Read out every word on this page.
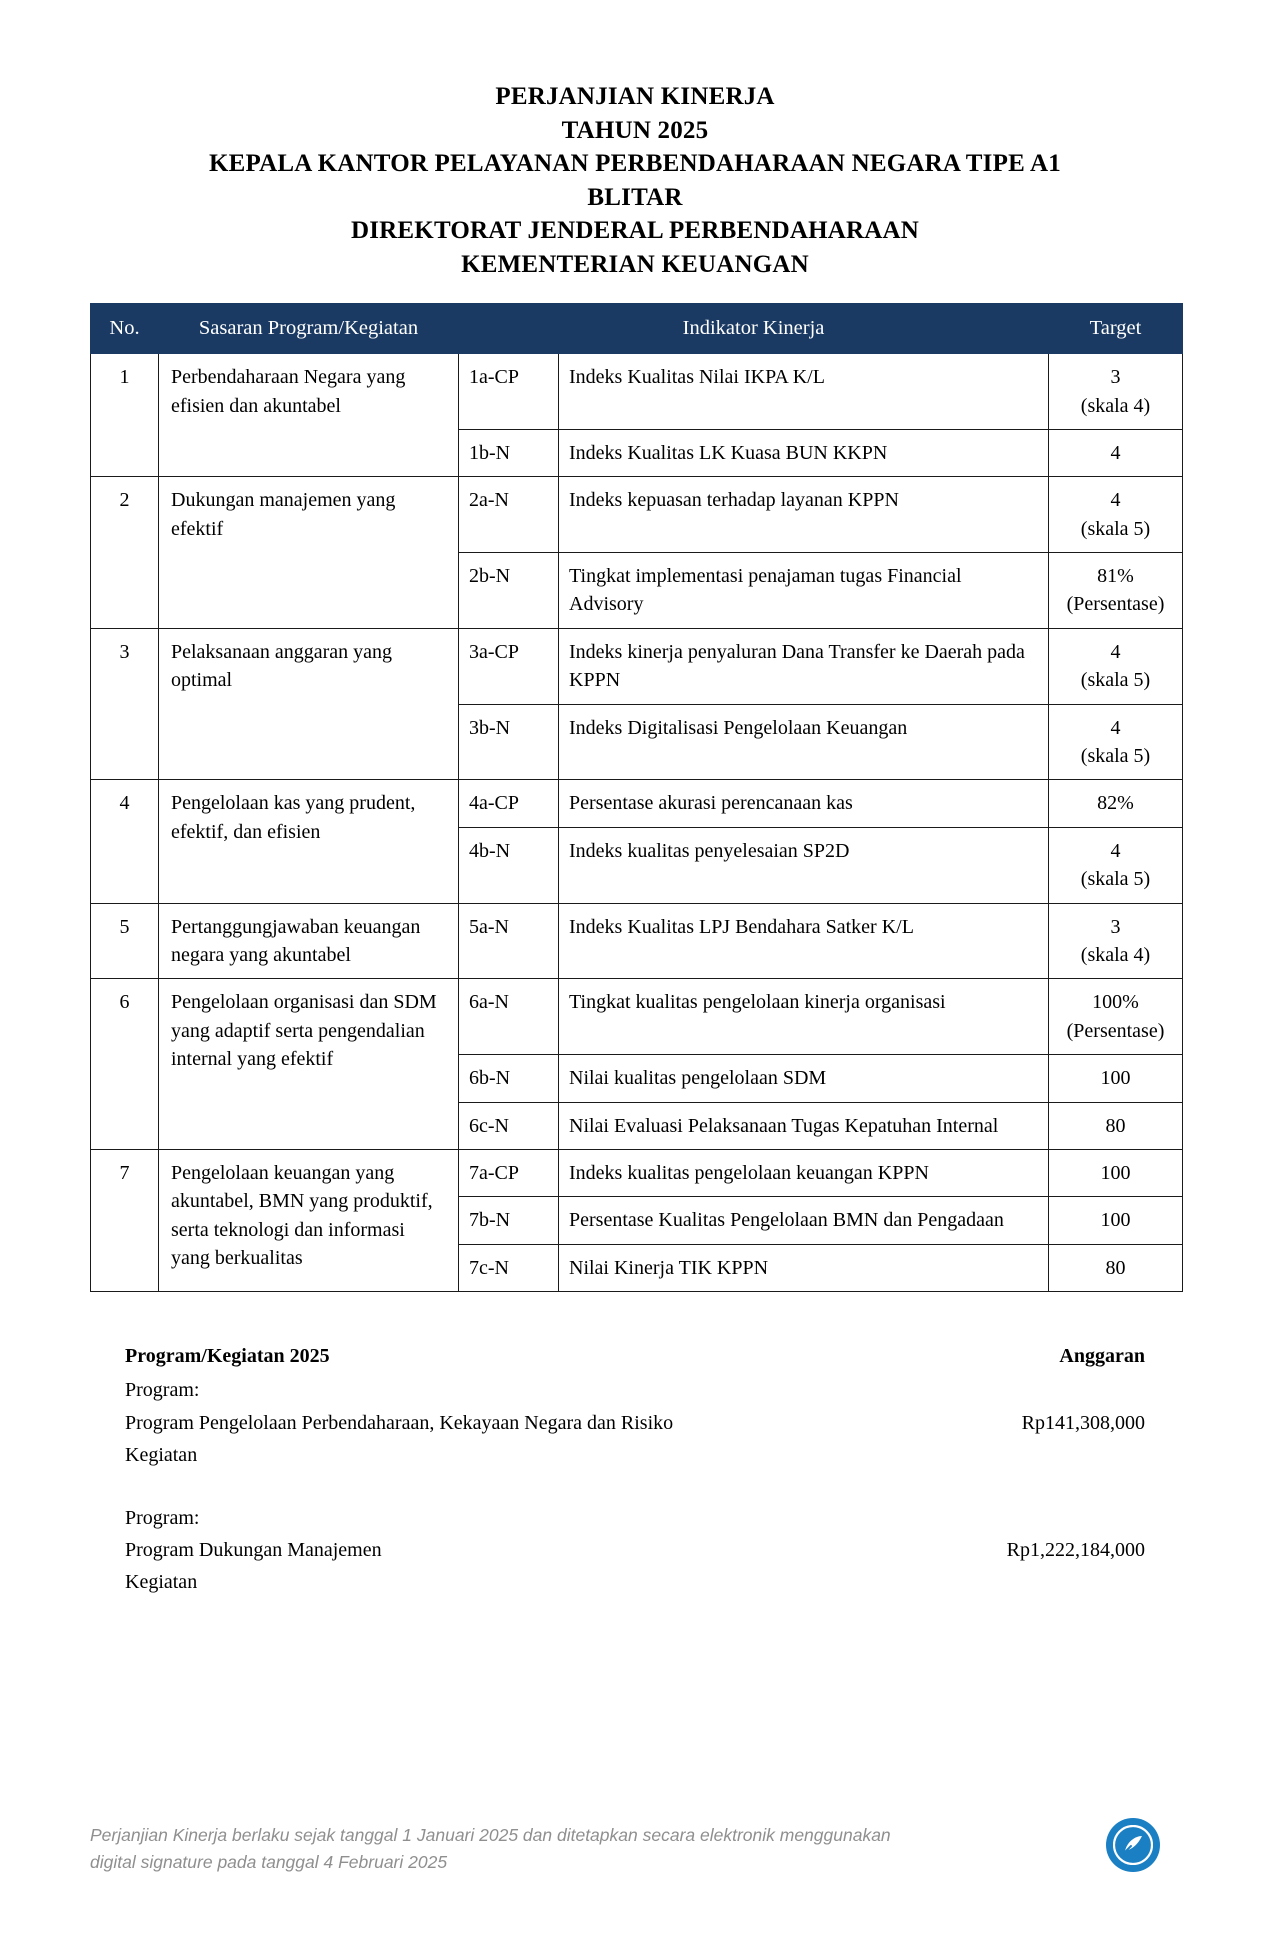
PERJANJIAN KINERJA
TAHUN 2025
KEPALA KANTOR PELAYANAN PERBENDAHARAAN NEGARA TIPE A1
BLITAR
DIREKTORAT JENDERAL PERBENDAHARAAN
KEMENTERIAN KEUANGAN
No.	Sasaran Program/Kegiatan	Indikator Kinerja		Target
1	Perbendaharaan Negara yang efisien dan akuntabel	1a-CP	Indeks Kualitas Nilai IKPA K/L	3
(skala 4)

		1b-N	Indeks Kualitas LK Kuasa BUN KKPN	4
2	Dukungan manajemen yang efektif	2a-N	Indeks kepuasan terhadap layanan KPPN	4
(skala 5)

		2b-N	Tingkat implementasi penajaman tugas Financial Advisory	81%
(Persentase)

3	Pelaksanaan anggaran yang optimal	3a-CP	Indeks kinerja penyaluran Dana Transfer ke Daerah pada KPPN	4
(skala 5)

		3b-N	Indeks Digitalisasi Pengelolaan Keuangan	4
(skala 5)

4	Pengelolaan kas yang prudent, efektif, dan efisien	4a-CP	Persentase akurasi perencanaan kas	82%
		4b-N	Indeks kualitas penyelesaian SP2D	4
(skala 5)

5	Pertanggungjawaban keuangan negara yang akuntabel	5a-N	Indeks Kualitas LPJ Bendahara Satker K/L	3
(skala 4)

6	Pengelolaan organisasi dan SDM yang adaptif serta pengendalian internal yang efektif	6a-N	Tingkat kualitas pengelolaan kinerja organisasi	100%
(Persentase)

		6b-N	Nilai kualitas pengelolaan SDM	100
		6c-N	Nilai Evaluasi Pelaksanaan Tugas Kepatuhan Internal	80
7	Pengelolaan keuangan yang akuntabel, BMN yang produktif, serta teknologi dan informasi yang berkualitas	7a-CP	Indeks kualitas pengelolaan keuangan KPPN	100
		7b-N	Persentase Kualitas Pengelolaan BMN dan Pengadaan	100
		7c-N	Nilai Kinerja TIK KPPN	80
Program/Kegiatan 2025	Anggaran
Program:
Program Pengelolaan Perbendaharaan, Kekayaan Negara dan Risiko	Rp141,308,000
Kegiatan
Program:
Program Dukungan Manajemen	Rp1,222,184,000
Kegiatan
Perjanjian Kinerja berlaku sejak tanggal 1 Januari 2025 dan ditetapkan secara elektronik menggunakan
digital signature pada tanggal 4 Februari 2025
